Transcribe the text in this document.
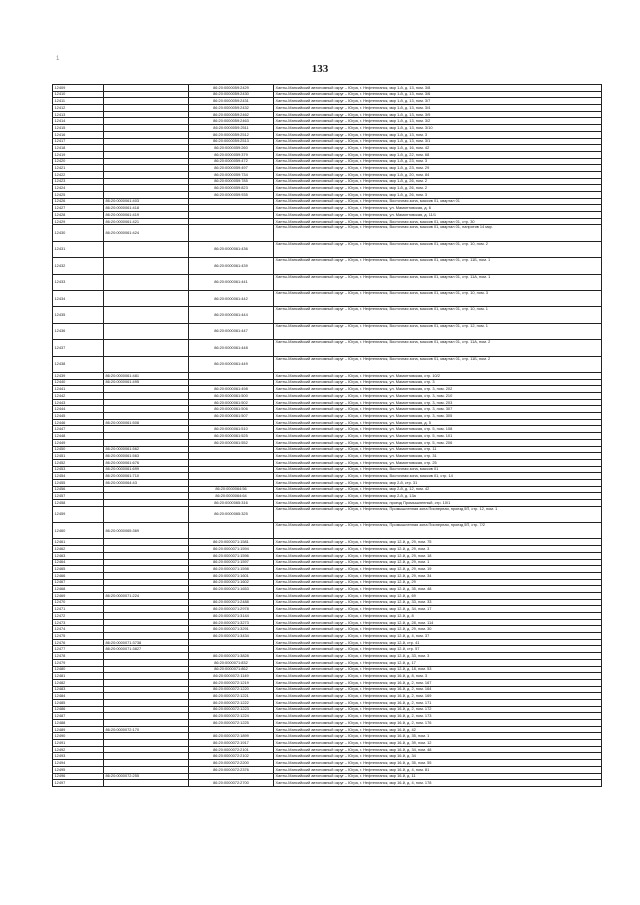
1
133
12409		86:20:0000059:2429	Ханты-Мансийский автономный округ – Югра, г. Нефтеюганск, мкр 1-й, д. 13, пом. 3/8
12410		86:20:0000059:2430	Ханты-Мансийский автономный округ – Югра, г. Нефтеюганск, мкр 1-й, д. 13, пом. 3/6
12411		86:20:0000059:2431	Ханты-Мансийский автономный округ – Югра, г. Нефтеюганск, мкр 1-й, д. 13, пом. 3/7
12412		86:20:0000059:2432	Ханты-Мансийский автономный округ – Югра, г. Нефтеюганск, мкр 1-й, д. 13, пом. 3/4
12413		86:20:0000059:2462	Ханты-Мансийский автономный округ – Югра, г. Нефтеюганск, мкр 1-й, д. 13, пом. 3/9
12414		86:20:0000059:2463	Ханты-Мансийский автономный округ – Югра, г. Нефтеюганск, мкр 1-й, д. 13, пом. 3/2
12415		86:20:0000059:2511	Ханты-Мансийский автономный округ – Югра, г. Нефтеюганск, мкр 1-й, д. 13, пом. 3/10
12416		86:20:0000059:2512	Ханты-Мансийский автономный округ – Югра, г. Нефтеюганск, мкр 1-й, д. 13, пом. 3
12417		86:20:0000059:2513	Ханты-Мансийский автономный округ – Югра, г. Нефтеюганск, мкр 1-й, д. 13, пом. 3/1
12418		86:20:0000059:260	Ханты-Мансийский автономный округ – Югра, г. Нефтеюганск, мкр 1-й, д. 16, пом. 42
12419		86:20:0000059:379	Ханты-Мансийский автономный округ – Югра, г. Нефтеюганск, мкр 1-й, д. 22, пом. 68
12420		86:20:0000059:472	Ханты-Мансийский автономный округ – Югра, г. Нефтеюганск, мкр 1-й, д. 23, пом. 3
12421		86:20:0000059:497	Ханты-Мансийский автономный округ – Югра, г. Нефтеюганск, мкр 1-й, д. 23, пом. 29
12422		86:20:0000059:734	Ханты-Мансийский автономный округ – Югра, г. Нефтеюганск, мкр 1-й, д. 20, пом. 84
12423		86:20:0000059:785	Ханты-Мансийский автономный округ – Югра, г. Нефтеюганск, мкр 1-й, д. 26, пом. 2
12424		86:20:0000059:823	Ханты-Мансийский автономный округ – Югра, г. Нефтеюганск, мкр 1-й, д. 26, пом. 2
12425		86:20:0000059:935	Ханты-Мансийский автономный округ – Югра, г. Нефтеюганск, мкр 1-й, д. 26, пом. 3
12426	86:20:0000061:403		Ханты-Мансийский автономный округ – Югра, г. Нефтеюганск, Восточная зона, массив 01, квартал 01
12427	86:20:0000061:418		Ханты-Мансийский автономный округ – Югра, г. Нефтеюганск, ул. Мамонтовская, д. 6
12428	86:20:0000061:419		Ханты-Мансийский автономный округ – Югра, г. Нефтеюганск, ул. Мамонтовская, д. 11/1
12429	86:20:0000061:421		Ханты-Мансийский автономный округ – Югра, г. Нефтеюганск, Восточная зона, массив 01, квартал 01, стр. 30
12430	86:20:0000061:424		Ханты-Мансийский автономный округ – Югра, г. Нефтеюганск, Восточная зона, массив 01, квартал 01, напротив 14 мкр.
12431		86:20:0000061:436	Ханты-Мансийский автономный округ – Югра, г. Нефтеюганск, Восточная зона, массив 01, квартал 01, стр. 10, пом. 2
12432		86:20:0000061:439	Ханты-Мансийский автономный округ – Югра, г. Нефтеюганск, Восточная зона, массив 01, квартал 01, стр. 11Б, пом. 1
12433		86:20:0000061:441	Ханты-Мансийский автономный округ – Югра, г. Нефтеюганск, Восточная зона, массив 01, квартал 01, стр. 11А, пом. 1
12434		86:20:0000061:442	Ханты-Мансийский автономный округ – Югра, г. Нефтеюганск, Восточная зона, массив 01, квартал 01, стр. 10, пом. 3
12435		86:20:0000061:444	Ханты-Мансийский автономный округ – Югра, г. Нефтеюганск, Восточная зона, массив 01, квартал 01, стр. 10, пом. 1
12436		86:20:0000061:447	Ханты-Мансийский автономный округ – Югра, г. Нефтеюганск, Восточная зона, массив 01, квартал 01, стр. 12, пом. 1
12437		86:20:0000061:448	Ханты-Мансийский автономный округ – Югра, г. Нефтеюганск, Восточная зона, массив 01, квартал 01, стр. 11А, пом. 2
12438		86:20:0000061:449	Ханты-Мансийский автономный округ – Югра, г. Нефтеюганск, Восточная зона, массив 01, квартал 01, стр. 11Б, пом. 2
12439	86:20:0000061:481		Ханты-Мансийский автономный округ – Югра, г. Нефтеюганск, ул. Мамонтовская, стр. 10/2
12440	86:20:0000061:495		Ханты-Мансийский автономный округ – Югра, г. Нефтеюганск, ул. Мамонтовская, стр. 3
12441		86:20:0000061:498	Ханты-Мансийский автономный округ – Югра, г. Нефтеюганск, ул. Мамонтовская, стр. 3, пом. 202
12442		86:20:0000061:500	Ханты-Мансийский автономный округ – Югра, г. Нефтеюганск, ул. Мамонтовская, стр. 3, пом. 210
12443		86:20:0000061:502	Ханты-Мансийский автономный округ – Югра, г. Нефтеюганск, ул. Мамонтовская, стр. 3, пом. 203
12444		86:20:0000061:506	Ханты-Мансийский автономный округ – Югра, г. Нефтеюганск, ул. Мамонтовская, стр. 3, пом. 307
12445		86:20:0000061:507	Ханты-Мансийский автономный округ – Югра, г. Нефтеюганск, ул. Мамонтовская, стр. 3, пом. 305
12446	86:20:0000061:508		Ханты-Мансийский автономный округ – Югра, г. Нефтеюганск, ул. Мамонтовская, д. 5
12447		86:20:0000061:510	Ханты-Мансийский автономный округ – Югра, г. Нефтеюганск, ул. Мамонтовская, стр. 5, пом. 108
12448		86:20:0000061:525	Ханты-Мансийский автономный округ – Югра, г. Нефтеюганск, ул. Мамонтовская, стр. 5, пом. 101
12449		86:20:0000061:552	Ханты-Мансийский автономный округ – Югра, г. Нефтеюганск, ул. Мамонтовская, стр. 5, пом. 206
12450	86:20:0000061:562		Ханты-Мансийский автономный округ – Югра, г. Нефтеюганск, ул. Мамонтовская, стр. 11
12451	86:20:0000061:563		Ханты-Мансийский автономный округ – Югра, г. Нефтеюганск, ул. Мамонтовская, стр. 31
12452	86:20:0000061:676		Ханты-Мансийский автономный округ – Югра, г. Нефтеюганск, ул. Мамонтовская, стр. 25
12453	86:20:0000061:699		Ханты-Мансийский автономный округ – Югра, г. Нефтеюганск, Восточная зона, массив 01
12454	86:20:0000061:710		Ханты-Мансийский автономный округ – Югра, г. Нефтеюганск, Восточная зона, массив 01, стр. 14
12455	86:20:0000064:43		Ханты-Мансийский автономный округ – Югра, г. Нефтеюганск, мкр 2-й, стр. 31
12456		86:20:0000064:56	Ханты-Мансийский автономный округ – Югра, г. Нефтеюганск, мкр 2-й, д. 12, пом. 42
12457		86:20:0000064:64	Ханты-Мансийский автономный округ – Югра, г. Нефтеюганск, мкр 2-й, д. 13а
12458		86:20:0000065:316	Ханты-Мансийский автономный округ – Югра, г. Нефтеюганск, проезд Промышленный, стр. 10/1
12459		86:20:0000065:325	Ханты-Мансийский автономный округ – Югра, г. Нефтеюганск, Промышленная зона Пионерная, проезд 5П, стр. 12, пом. 1
12460	86:20:0000065:369		Ханты-Мансийский автономный округ – Югра, г. Нефтеюганск, Промышленная зона Пионерная, проезд 5П, стр. 7/2
12461		86:20:0000071:1581	Ханты-Мансийский автономный округ – Югра, г. Нефтеюганск, мкр 12-й, д. 29, пом. 75
12462		86:20:0000071:1594	Ханты-Мансийский автономный округ – Югра, г. Нефтеюганск, мкр 12-й, д. 29, пом. 3
12463		86:20:0000071:1596	Ханты-Мансийский автономный округ – Югра, г. Нефтеюганск, мкр 12-й, д. 29, пом. 18
12464		86:20:0000071:1597	Ханты-Мансийский автономный округ – Югра, г. Нефтеюганск, мкр 12-й, д. 29, пом. 1
12465		86:20:0000071:1598	Ханты-Мансийский автономный округ – Югра, г. Нефтеюганск, мкр 12-й, д. 29, пом. 19
12466		86:20:0000071:1601	Ханты-Мансийский автономный округ – Югра, г. Нефтеюганск, мкр 12-й, д. 29, пом. 34
12467		86:20:0000071:1602	Ханты-Мансийский автономный округ – Югра, г. Нефтеюганск, мкр 12-й, д. 29
12468		86:20:0000071:1653	Ханты-Мансийский автономный округ – Югра, г. Нефтеюганск, мкр 12-й, д. 35, пом. 48
12469	86:20:0000071:224		Ханты-Мансийский автономный округ – Югра, г. Нефтеюганск, мкр 12-й, д. 69
12470		86:20:0000071:2488	Ханты-Мансийский автономный округ – Югра, г. Нефтеюганск, мкр 12-й, д. 33, пом. 33
12471		86:20:0000071:2978	Ханты-Мансийский автономный округ – Югра, г. Нефтеюганск, мкр 12-й, д. 34, пом. 17
12472		86:20:0000071:3144	Ханты-Мансийский автономный округ – Югра, г. Нефтеюганск, мкр 12-й, д. 8
12473		86:20:0000071:3273	Ханты-Мансийский автономный округ – Югра, г. Нефтеюганск, мкр 12-й, д. 28, пом. 114
12474		86:20:0000071:3291	Ханты-Мансийский автономный округ – Югра, г. Нефтеюганск, мкр 12-й, д. 29, пом. 30
12475		86:20:0000071:3434	Ханты-Мансийский автономный округ – Югра, г. Нефтеюганск, мкр 12-й, д. 4, пом. 37
12476	86:20:0000071:3738		Ханты-Мансийский автономный округ – Югра, г. Нефтеюганск, мкр 12-й, стр. 41
12477	86:20:0000071:3827		Ханты-Мансийский автономный округ – Югра, г. Нефтеюганск, мкр 12-й, стр. 57
12478		86:20:0000071:3828	Ханты-Мансийский автономный округ – Югра, г. Нефтеюганск, мкр 12-й, д. 33, пом. 3
12479		86:20:0000071:832	Ханты-Мансийский автономный округ – Югра, г. Нефтеюганск, мкр 12-й, д. 17
12480		86:20:0000071:862	Ханты-Мансийский автономный округ – Югра, г. Нефтеюганск, мкр 12-й, д. 18, пом. 53
12481		86:20:0000072:1149	Ханты-Мансийский автономный округ – Югра, г. Нефтеюганск, мкр 16-й, д. 8, пом. 3
12482		86:20:0000072:1219	Ханты-Мансийский автономный округ – Югра, г. Нефтеюганск, мкр 16-й, д. 2, пом. 167
12483		86:20:0000072:1220	Ханты-Мансийский автономный округ – Югра, г. Нефтеюганск, мкр 16-й, д. 2, пом. 164
12484		86:20:0000072:1221	Ханты-Мансийский автономный округ – Югра, г. Нефтеюганск, мкр 16-й, д. 2, пом. 169
12485		86:20:0000072:1222	Ханты-Мансийский автономный округ – Югра, г. Нефтеюганск, мкр 16-й, д. 2, пом. 171
12486		86:20:0000072:1223	Ханты-Мансийский автономный округ – Югра, г. Нефтеюганск, мкр 16-й, д. 2, пом. 172
12487		86:20:0000072:1224	Ханты-Мансийский автономный округ – Югра, г. Нефтеюганск, мкр 16-й, д. 2, пом. 173
12488		86:20:0000072:1225	Ханты-Мансийский автономный округ – Югра, г. Нефтеюганск, мкр 16-й, д. 2, пом. 176
12489	86:20:0000072:170		Ханты-Мансийский автономный округ – Югра, г. Нефтеюганск, мкр 16-й, д. 42
12490		86:20:0000072:1899	Ханты-Мансийский автономный округ – Югра, г. Нефтеюганск, мкр 16-й, д. 35, пом. 1
12491		86:20:0000072:1917	Ханты-Мансийский автономный округ – Югра, г. Нефтеюганск, мкр 16-й, д. 39, пом. 12
12492		86:20:0000072:2101	Ханты-Мансийский автономный округ – Югра, г. Нефтеюганск, мкр 16-й, д. 34, пом. 48
12493		86:20:0000072:2102	Ханты-Мансийский автономный округ – Югра, г. Нефтеюганск, мкр 16-й, д. 34
12494		86:20:0000072:2200	Ханты-Мансийский автономный округ – Югра, г. Нефтеюганск, мкр 16-й, д. 35, пом. 55
12495		86:20:0000072:2376	Ханты-Мансийский автономный округ – Югра, г. Нефтеюганск, мкр 16-й, д. 4, пом. 81
12496	86:20:0000072:255		Ханты-Мансийский автономный округ – Югра, г. Нефтеюганск, мкр 16-й, д. 11
12497		86:20:0000072:2700	Ханты-Мансийский автономный округ – Югра, г. Нефтеюганск, мкр 16-й, д. 4, пом. 178
